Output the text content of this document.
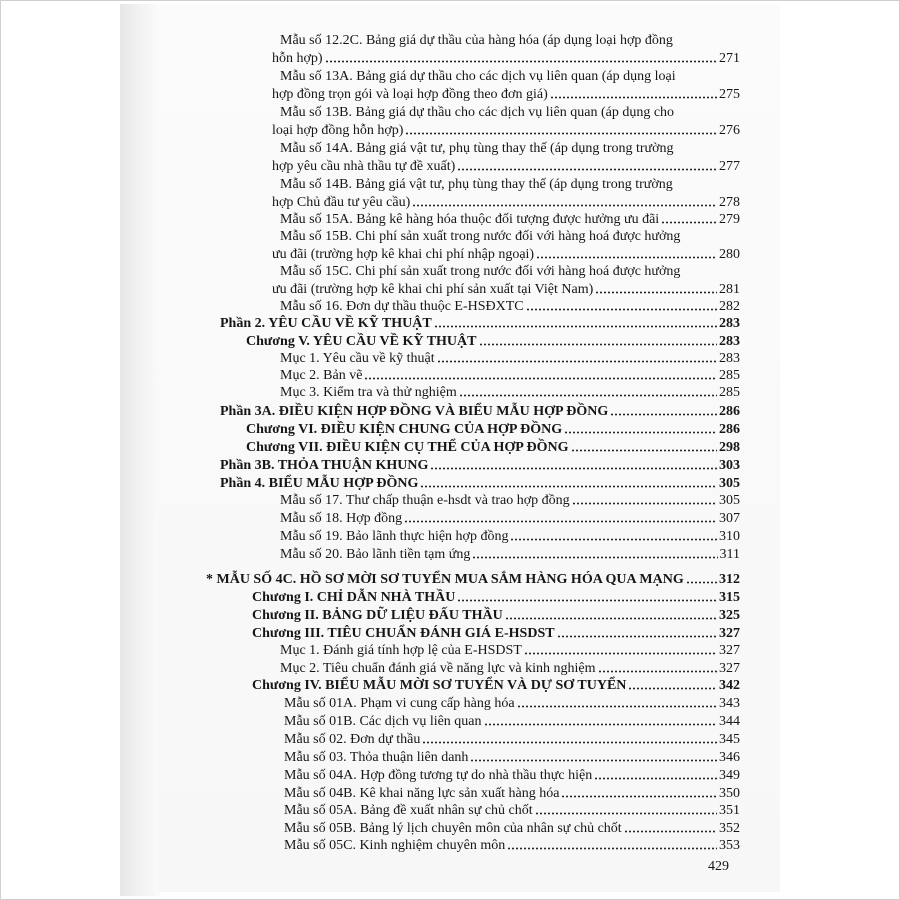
Mẫu số 12.2C. Bảng giá dự thầu của hàng hóa (áp dụng loại hợp đồng
hỗn hợp)	271
Mẫu số 13A. Bảng giá dự thầu cho các dịch vụ liên quan (áp dụng loại
hợp đồng trọn gói và loại hợp đồng theo đơn giá)	275
Mẫu số 13B. Bảng giá dự thầu cho các dịch vụ liên quan (áp dụng cho
loại hợp đồng hỗn hợp)	276
Mẫu số 14A. Bảng giá vật tư, phụ tùng thay thế (áp dụng trong trường
hợp yêu cầu nhà thầu tự đề xuất)	277
Mẫu số 14B. Bảng giá vật tư, phụ tùng thay thế (áp dụng trong trường
hợp Chủ đầu tư yêu cầu)	278
Mẫu số 15A. Bảng kê hàng hóa thuộc đối tượng được hưởng ưu đãi	279
Mẫu số 15B. Chi phí sản xuất trong nước đối với hàng hoá được hưởng
ưu đãi (trường hợp kê khai chi phí nhập ngoại)	280
Mẫu số 15C. Chi phí sản xuất trong nước đối với hàng hoá được hưởng
ưu đãi (trường hợp kê khai chi phí sản xuất tại Việt Nam)	281
Mẫu số 16. Đơn dự thầu thuộc E-HSĐXTC	282
Phần 2. YÊU CẦU VỀ KỸ THUẬT	283
Chương V. YÊU CẦU VỀ KỸ THUẬT	283
Mục 1. Yêu cầu về kỹ thuật	283
Mục 2. Bản vẽ	285
Mục 3. Kiểm tra và thử nghiệm	285
Phần 3A. ĐIỀU KIỆN HỢP ĐỒNG VÀ BIỂU MẪU HỢP ĐỒNG	286
Chương VI. ĐIỀU KIỆN CHUNG CỦA HỢP ĐỒNG	286
Chương VII. ĐIỀU KIỆN CỤ THỂ CỦA HỢP ĐỒNG	298
Phần 3B. THỎA THUẬN KHUNG	303
Phần 4. BIỂU MẪU HỢP ĐỒNG	305
Mẫu số 17. Thư chấp thuận e-hsdt và trao hợp đồng	305
Mẫu số 18. Hợp đồng	307
Mẫu số 19. Bảo lãnh thực hiện hợp đồng	310
Mẫu số 20. Bảo lãnh tiền tạm ứng	311
* MẪU SỐ 4C. HỒ SƠ MỜI SƠ TUYỂN MUA SẮM HÀNG HÓA QUA MẠNG	312
Chương I. CHỈ DẪN NHÀ THẦU	315
Chương II. BẢNG DỮ LIỆU ĐẤU THẦU	325
Chương III. TIÊU CHUẨN ĐÁNH GIÁ E-HSDST	327
Mục 1. Đánh giá tính hợp lệ của E-HSDST	327
Mục 2. Tiêu chuẩn đánh giá về năng lực và kinh nghiệm	327
Chương IV. BIỂU MẪU MỜI SƠ TUYỂN VÀ DỰ SƠ TUYỂN	342
Mẫu số 01A. Phạm vi cung cấp hàng hóa	343
Mẫu số 01B. Các dịch vụ liên quan	344
Mẫu số 02. Đơn dự thầu	345
Mẫu số 03. Thỏa thuận liên danh	346
Mẫu số 04A. Hợp đồng tương tự do nhà thầu thực hiện	349
Mẫu số 04B. Kê khai năng lực sản xuất hàng hóa	350
Mẫu số 05A. Bảng đề xuất nhân sự chủ chốt	351
Mẫu số 05B. Bảng lý lịch chuyên môn của nhân sự chủ chốt	352
Mẫu số 05C. Kinh nghiệm chuyên môn	353
429
